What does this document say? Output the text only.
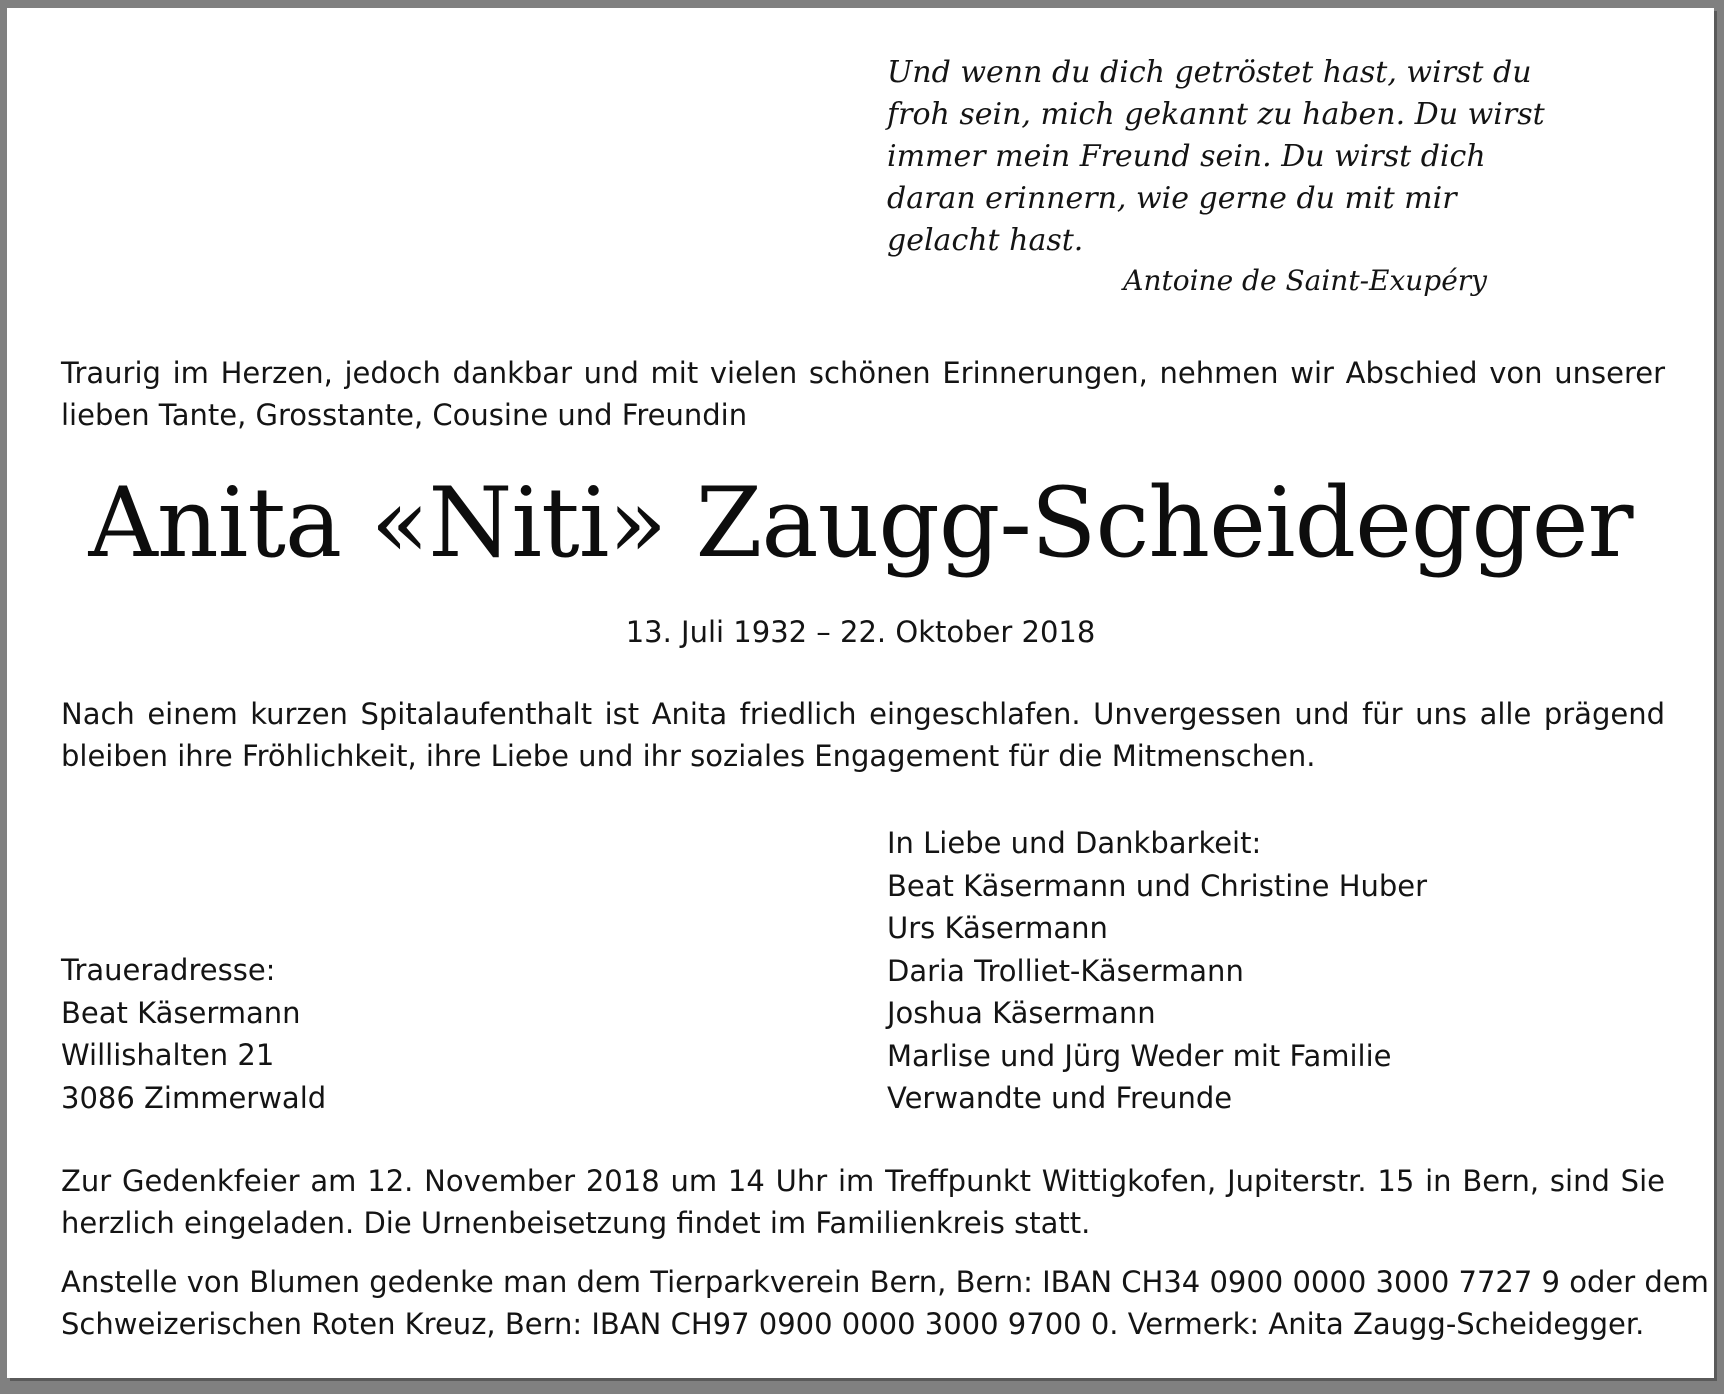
Und wenn du dich getröstet hast, wirst du
froh sein, mich gekannt zu haben. Du wirst
immer mein Freund sein. Du wirst dich
daran erinnern, wie gerne du mit mir
gelacht hast.
Antoine de Saint-Exupéry
Traurig im Herzen, jedoch dankbar und mit vielen schönen Erinnerungen, nehmen wir Abschied von unserer
lieben Tante, Grosstante, Cousine und Freundin
Anita «Niti» Zaugg-Scheidegger
13. Juli 1932 – 22. Oktober 2018
Nach einem kurzen Spitalaufenthalt ist Anita friedlich eingeschlafen. Unvergessen und für uns alle prägend
bleiben ihre Fröhlichkeit, ihre Liebe und ihr soziales Engagement für die Mitmenschen.
In Liebe und Dankbarkeit:
Beat Käsermann und Christine Huber
Urs Käsermann
Daria Trolliet-Käsermann
Joshua Käsermann
Marlise und Jürg Weder mit Familie
Verwandte und Freunde
Traueradresse:
Beat Käsermann
Willishalten 21
3086 Zimmerwald
Zur Gedenkfeier am 12. November 2018 um 14 Uhr im Treffpunkt Wittigkofen, Jupiterstr. 15 in Bern, sind Sie
herzlich eingeladen. Die Urnenbeisetzung findet im Familienkreis statt.
Anstelle von Blumen gedenke man dem Tierparkverein Bern, Bern: IBAN CH34 0900 0000 3000 7727 9 oder dem
Schweizerischen Roten Kreuz, Bern: IBAN CH97 0900 0000 3000 9700 0. Vermerk: Anita Zaugg-Scheidegger.
